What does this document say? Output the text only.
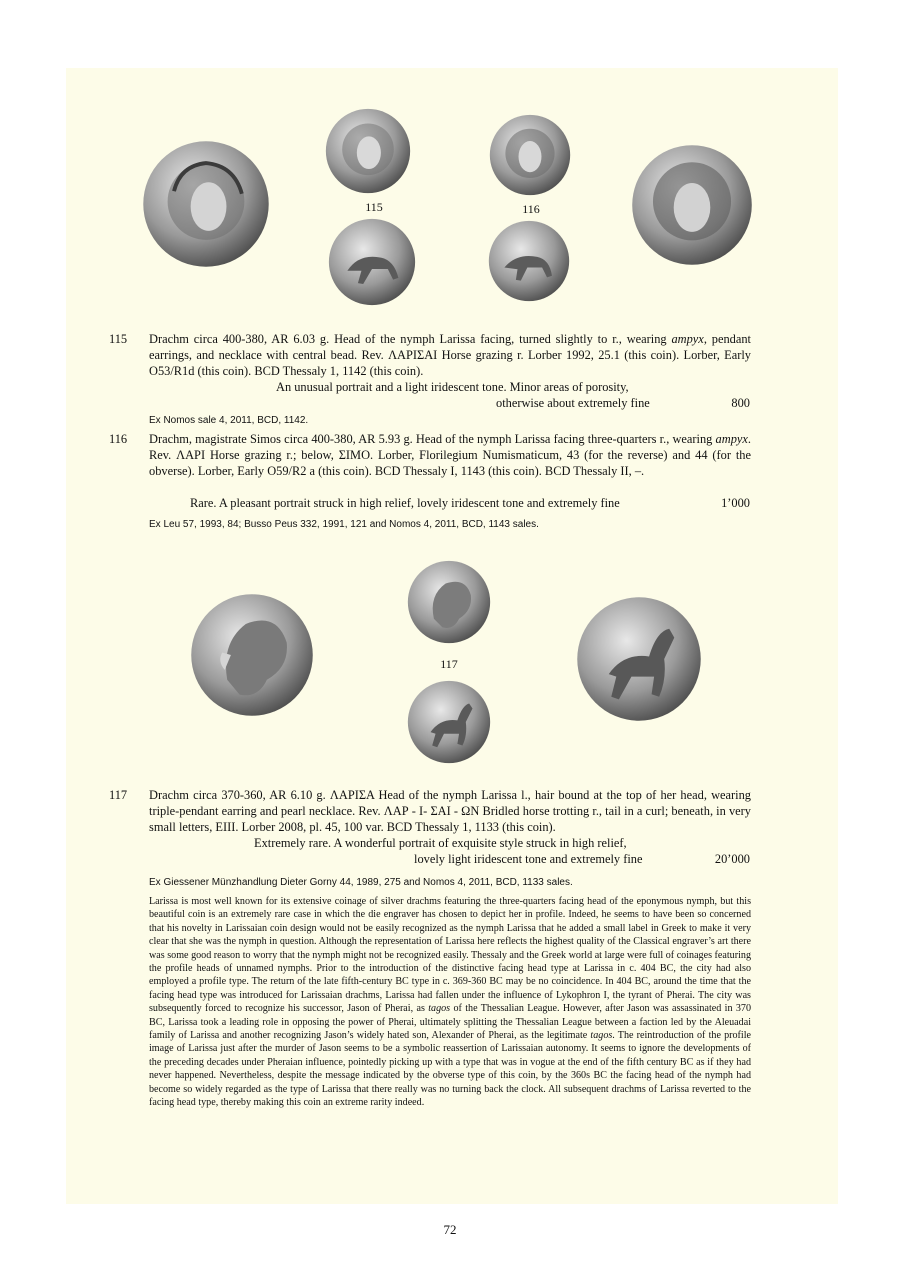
115	116
115 Drachm circa 400-380, AR 6.03 g. Head of the nymph Larissa facing, turned slightly to r., wearing ampyx, pendant earrings, and necklace with central bead. Rev. ΛΑΡΙΣΑΙ Horse grazing r. Lorber 1992, 25.1 (this coin). Lorber, Early O53/R1d (this coin). BCD Thessaly 1, 1142 (this coin).
An unusual portrait and a light iridescent tone. Minor areas of porosity,
otherwise about extremely fine	800
Ex Nomos sale 4, 2011, BCD, 1142.
116 Drachm, magistrate Simos circa 400-380, AR 5.93 g. Head of the nymph Larissa facing three-quarters r., wearing ampyx. Rev. ΛΑΡΙ Horse grazing r.; below, ΣΙΜΟ. Lorber, Florilegium Numismaticum, 43 (for the reverse) and 44 (for the obverse). Lorber, Early O59/R2 a (this coin). BCD Thessaly I, 1143 (this coin). BCD Thessaly II, –.
Rare. A pleasant portrait struck in high relief, lovely iridescent tone and extremely fine	1’000
Ex Leu 57, 1993, 84; Busso Peus 332, 1991, 121 and Nomos 4, 2011, BCD, 1143 sales.
117
117 Drachm circa 370-360, AR 6.10 g. ΛΑΡΙΣΑ Head of the nymph Larissa l., hair bound at the top of her head, wearing triple-pendant earring and pearl necklace. Rev. ΛΑΡ - Ι- ΣΑΙ - ΩΝ Bridled horse trotting r., tail in a curl; beneath, in very small letters, ΕΙΙΙ. Lorber 2008, pl. 45, 100 var. BCD Thessaly 1, 1133 (this coin).
Extremely rare. A wonderful portrait of exquisite style struck in high relief,
lovely light iridescent tone and extremely fine	20’000
Ex Giessener Münzhandlung Dieter Gorny 44, 1989, 275 and Nomos 4, 2011, BCD, 1133 sales.
Larissa is most well known for its extensive coinage of silver drachms featuring the three-quarters facing head of the eponymous nymph, but this beautiful coin is an extremely rare case in which the die engraver has chosen to depict her in profile. Indeed, he seems to have been so concerned that his novelty in Larissaian coin design would not be easily recognized as the nymph Larissa that he added a small label in Greek to make it very clear that she was the nymph in question. Although the representation of Larissa here reflects the highest quality of the Classical engraver’s art there was some good reason to worry that the nymph might not be recognized easily. Thessaly and the Greek world at large were full of coinages featuring the profile heads of unnamed nymphs. Prior to the introduction of the distinctive facing head type at Larissa in c. 404 BC, the city had also employed a profile type. The return of the late fifth-century BC type in c. 369-360 BC may be no coincidence. In 404 BC, around the time that the facing head type was introduced for Larissaian drachms, Larissa had fallen under the influence of Lykophron I, the tyrant of Pherai. The city was subsequently forced to recognize his successor, Jason of Pherai, as tagos of the Thessalian League. However, after Jason was assassinated in 370 BC, Larissa took a leading role in opposing the power of Pherai, ultimately splitting the Thessalian League between a faction led by the Aleuadai family of Larissa and another recognizing Jason’s widely hated son, Alexander of Pherai, as the legitimate tagos. The reintroduction of the profile image of Larissa just after the murder of Jason seems to be a symbolic reassertion of Larissaian autonomy. It seems to ignore the developments of the preceding decades under Pheraian influence, pointedly picking up with a type that was in vogue at the end of the fifth century BC as if they had never happened. Nevertheless, despite the message indicated by the obverse type of this coin, by the 360s BC the facing head of the nymph had become so widely regarded as the type of Larissa that there really was no turning back the clock. All subsequent drachms of Larissa reverted to the facing head type, thereby making this coin an extreme rarity indeed.
72
